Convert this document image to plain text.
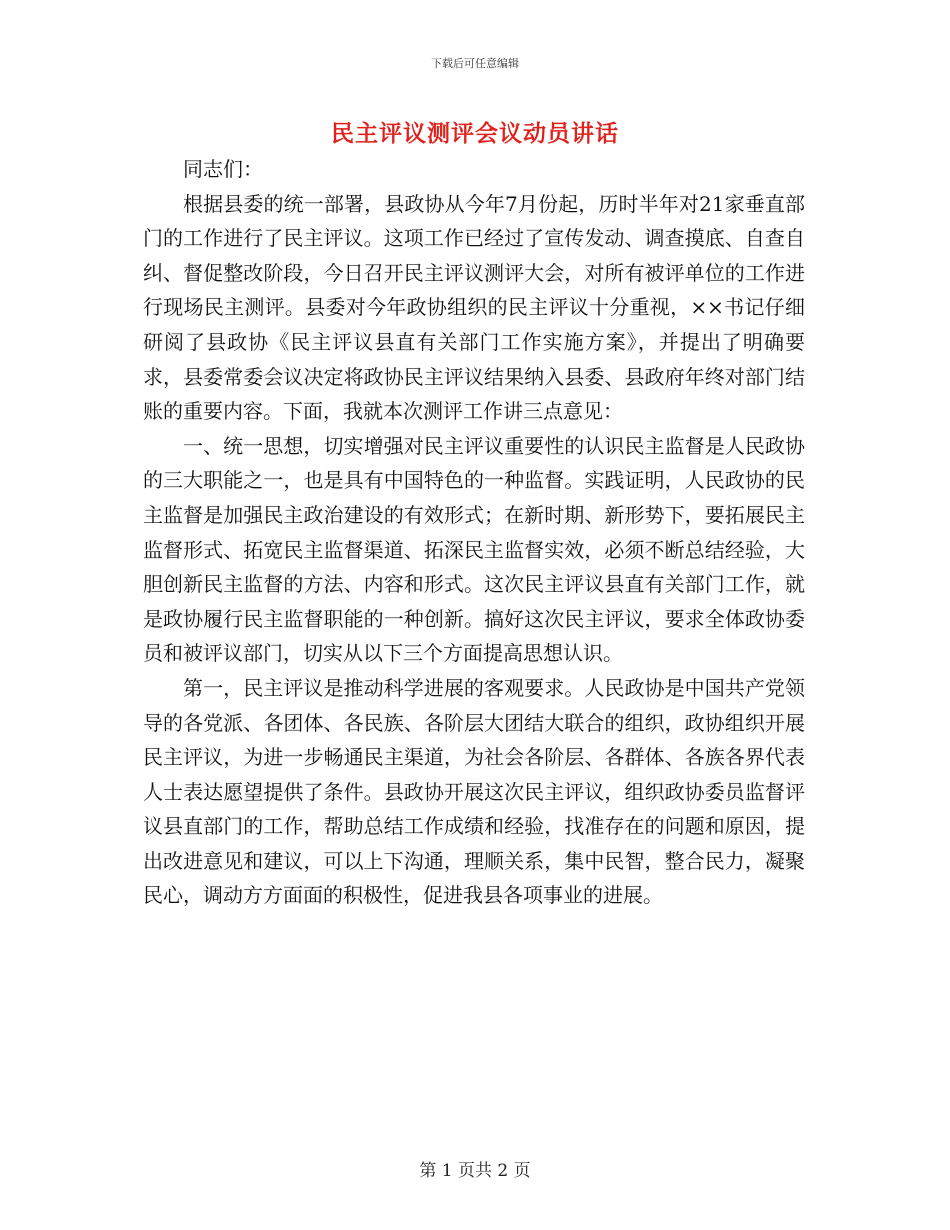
下载后可任意编辑
民主评议测评会议动员讲话

同志们：

根据县委的统一部署，县政协从今年7月份起，历时半年对21家垂直部门的工作进行了民主评议。这项工作已经过了宣传发动、调查摸底、自查自纠、督促整改阶段，今日召开民主评议测评大会，对所有被评单位的工作进行现场民主测评。县委对今年政协组织的民主评议十分重视，××书记仔细研阅了县政协《民主评议县直有关部门工作实施方案》，并提出了明确要求，县委常委会议决定将政协民主评议结果纳入县委、县政府年终对部门结账的重要内容。下面，我就本次测评工作讲三点意见：

一、统一思想，切实增强对民主评议重要性的认识民主监督是人民政协的三大职能之一，也是具有中国特色的一种监督。实践证明，人民政协的民主监督是加强民主政治建设的有效形式；在新时期、新形势下，要拓展民主监督形式、拓宽民主监督渠道、拓深民主监督实效，必须不断总结经验，大胆创新民主监督的方法、内容和形式。这次民主评议县直有关部门工作，就是政协履行民主监督职能的一种创新。搞好这次民主评议，要求全体政协委员和被评议部门，切实从以下三个方面提高思想认识。

第一，民主评议是推动科学进展的客观要求。人民政协是中国共产党领导的各党派、各团体、各民族、各阶层大团结大联合的组织，政协组织开展民主评议，为进一步畅通民主渠道，为社会各阶层、各群体、各族各界代表人士表达愿望提供了条件。县政协开展这次民主评议，组织政协委员监督评议县直部门的工作，帮助总结工作成绩和经验，找准存在的问题和原因，提出改进意见和建议，可以上下沟通，理顺关系，集中民智，整合民力，凝聚民心，调动方方面面的积极性，促进我县各项事业的进展。

第 1 页共 2 页
